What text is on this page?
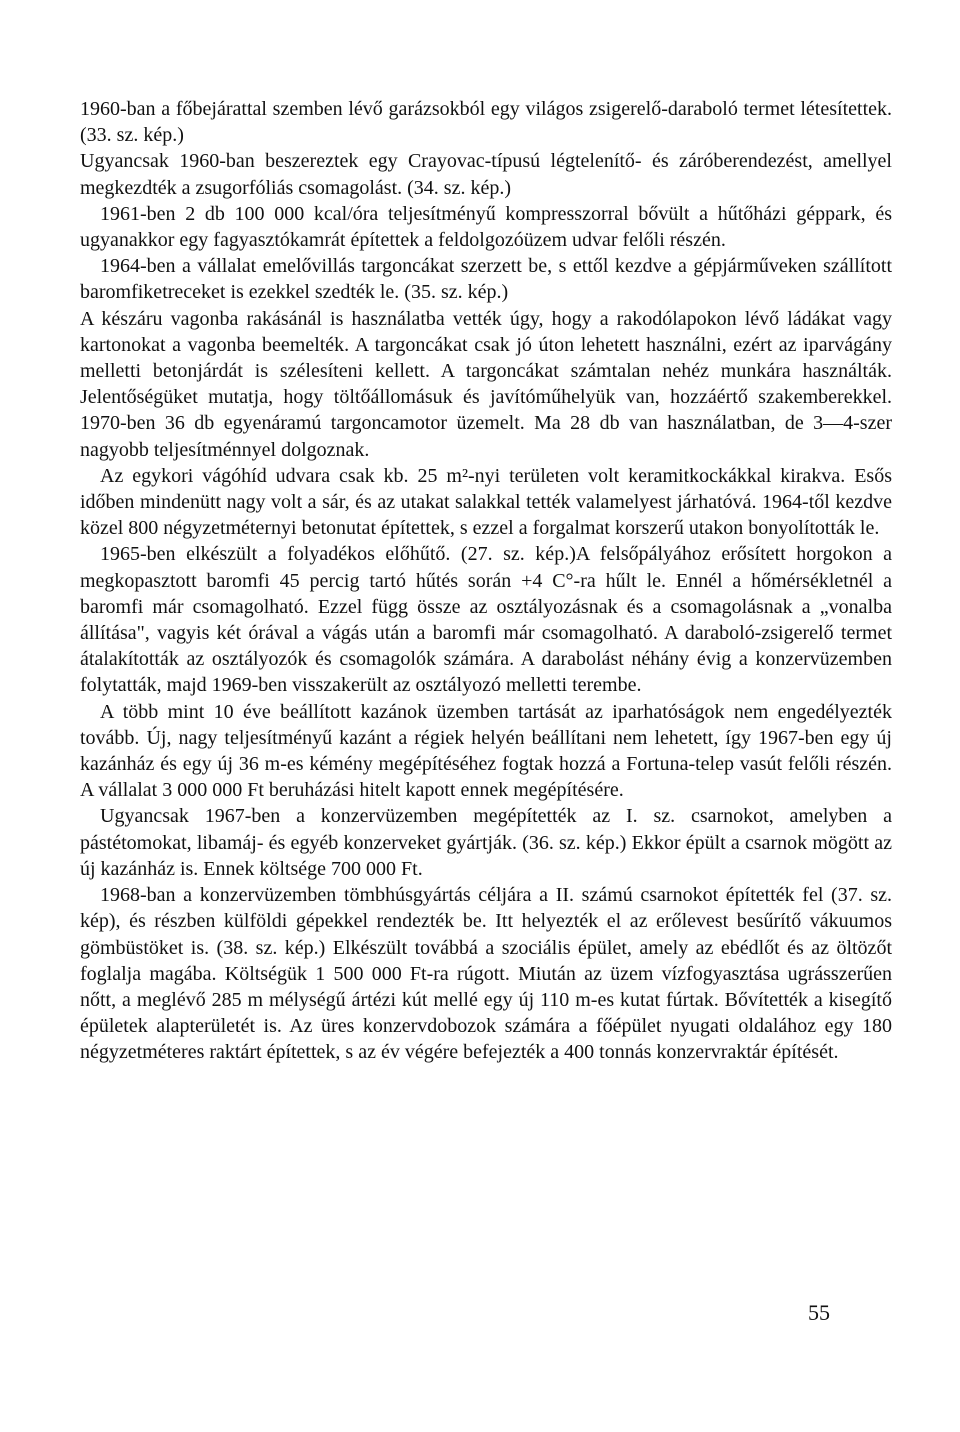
1960-ban a főbejárattal szemben lévő garázsokból egy világos zsigerelő-daraboló termet létesítettek. (33. sz. kép.)

Ugyancsak 1960-ban beszereztek egy Crayovac-típusú légtelenítő- és záróberendezést, amellyel megkezdték a zsugorfóliás csomagolást. (34. sz. kép.)

1961-ben 2 db 100 000 kcal/óra teljesítményű kompresszorral bővült a hűtőházi géppark, és ugyanakkor egy fagyasztókamrát építettek a feldolgozóüzem udvar felőli részén.

1964-ben a vállalat emelővillás targoncákat szerzett be, s ettől kezdve a gépjárműveken szállított baromfiketreceket is ezekkel szedték le. (35. sz. kép.)

A készáru vagonba rakásánál is használatba vették úgy, hogy a rakodólapokon lévő ládákat vagy kartonokat a vagonba beemelték. A targoncákat csak jó úton lehetett használni, ezért az iparvágány melletti betonjárdát is szélesíteni kellett. A targoncákat számtalan nehéz munkára használták. Jelentőségüket mutatja, hogy töltőállomásuk és javítóműhelyük van, hozzáértő szakemberekkel. 1970-ben 36 db egyenáramú targoncamotor üzemelt. Ma 28 db van használatban, de 3—4-szer nagyobb teljesítménnyel dolgoznak.

Az egykori vágóhíd udvara csak kb. 25 m²-nyi területen volt keramitkockákkal kirakva. Esős időben mindenütt nagy volt a sár, és az utakat salakkal tették valamelyest járhatóvá. 1964-től kezdve közel 800 négyzetméternyi betonutat építettek, s ezzel a forgalmat korszerű utakon bonyolították le.

1965-ben elkészült a folyadékos előhűtő. (27. sz. kép.)A felsőpályához erősített horgokon a megkopasztott baromfi 45 percig tartó hűtés során +4 C°-ra hűlt le. Ennél a hőmérsékletnél a baromfi már csomagolható. Ezzel függ össze az osztályozásnak és a csomagolásnak a „vonalba állítása", vagyis két órával a vágás után a baromfi már csomagolható. A daraboló-zsigerelő termet átalakították az osztályozók és csomagolók számára. A darabolást néhány évig a konzervüzemben folytatták, majd 1969-ben visszakerült az osztályozó melletti terembe.

A több mint 10 éve beállított kazánok üzemben tartását az iparhatóságok nem engedélyezték tovább. Új, nagy teljesítményű kazánt a régiek helyén beállítani nem lehetett, így 1967-ben egy új kazánház és egy új 36 m-es kémény megépítéséhez fogtak hozzá a Fortuna-telep vasút felőli részén. A vállalat 3 000 000 Ft beruházási hitelt kapott ennek megépítésére.

Ugyancsak 1967-ben a konzervüzemben megépítették az I. sz. csarnokot, amelyben a pástétomokat, libamáj- és egyéb konzerveket gyártják. (36. sz. kép.) Ekkor épült a csarnok mögött az új kazánház is. Ennek költsége 700 000 Ft.

1968-ban a konzervüzemben tömbhúsgyártás céljára a II. számú csarnokot építették fel (37. sz. kép), és részben külföldi gépekkel rendezték be. Itt helyezték el az erőlevest besűrítő vákuumos gömbüstöket is. (38. sz. kép.) Elkészült továbbá a szociális épület, amely az ebédlőt és az öltözőt foglalja magába. Költségük 1 500 000 Ft-ra rúgott. Miután az üzem vízfogyasztása ugrásszerűen nőtt, a meglévő 285 m mélységű ártézi kút mellé egy új 110 m-es kutat fúrtak. Bővítették a kisegítő épületek alapterületét is. Az üres konzervdobozok számára a főépület nyugati oldalához egy 180 négyzetméteres raktárt építettek, s az év végére befejezték a 400 tonnás konzervraktár építését.

55
